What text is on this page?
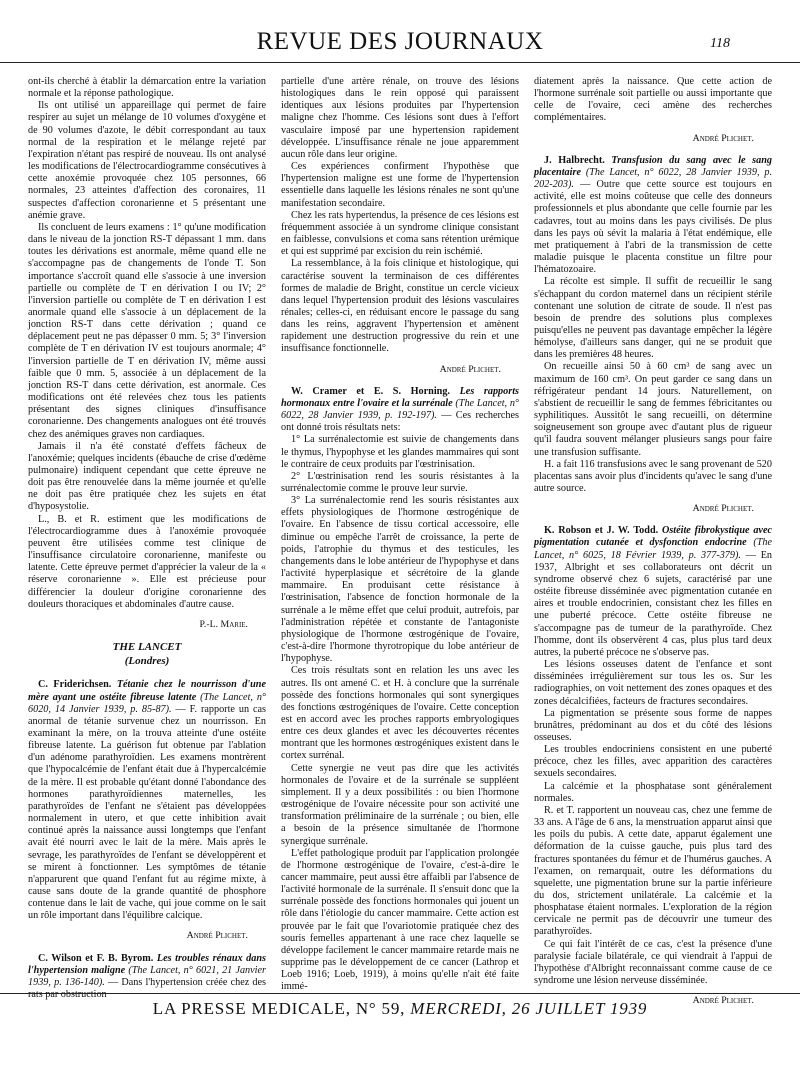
REVUE DES JOURNAUX	118

ont-ils cherché à établir la démarcation entre la variation normale et la réponse pathologique.

Ils ont utilisé un appareillage qui permet de faire respirer au sujet un mélange de 10 volumes d'oxygène et de 90 volumes d'azote, le débit correspondant au taux normal de la respiration et le mélange rejeté par l'expiration n'étant pas respiré de nouveau. Ils ont analysé les modifications de l'électrocardiogramme consécutives à cette anoxémie provoquée chez 105 personnes, 66 normales, 23 atteintes d'affection des coronaires, 11 suspectes d'affection coronarienne et 5 présentant une anémie grave.

Ils concluent de leurs examens : 1° qu'une modification dans le niveau de la jonction RS-T dépassant 1 mm. dans toutes les dérivations est anormale, même quand elle ne s'accompagne pas de changements de l'onde T. Son importance s'accroît quand elle s'associe à une inversion partielle ou complète de T en dérivation I ou IV; 2° l'inversion partielle ou complète de T en dérivation I est anormale quand elle s'associe à un déplacement de la jonction RS-T dans cette dérivation ; quand ce déplacement peut ne pas dépasser 0 mm. 5; 3° l'inversion complète de T en dérivation IV est toujours anormale; 4° l'inversion partielle de T en dérivation IV, même aussi faible que 0 mm. 5, associée à un déplacement de la jonction RS-T dans cette dérivation, est anormale. Ces modifications ont été relevées chez tous les patients présentant des signes cliniques d'insuffisance coronarienne. Des changements analogues ont été trouvés chez des anémiques graves non cardiaques.

Jamais il n'a été constaté d'effets fâcheux de l'anoxémie; quelques incidents (ébauche de crise d'œdème pulmonaire) indiquent cependant que cette épreuve ne doit pas être renouvelée dans la même journée et qu'elle ne doit pas être pratiquée chez les sujets en état d'hyposystolie.

L., B. et R. estiment que les modifications de l'électrocardiogramme dues à l'anoxémie provoquée peuvent être utilisées comme test clinique de l'insuffisance circulatoire coronarienne, manifeste ou latente. Cette épreuve permet d'apprécier la valeur de la « réserve coronarienne ». Elle est précieuse pour différencier la douleur d'origine coronarienne des douleurs thoraciques et abdominales d'autre cause.

P.-L. Marie.
THE LANCET
(Londres)

C. Friderichsen. Tétanie chez le nourrisson d'une mère ayant une ostéite fibreuse latente (The Lancet, n° 6020, 14 Janvier 1939, p. 85-87). — F. rapporte un cas anormal de tétanie survenue chez un nourrisson. En examinant la mère, on la trouva atteinte d'une ostéite fibreuse latente. La guérison fut obtenue par l'ablation d'un adénome parathyroïdien. Les examens montrèrent que l'hypocalcémie de l'enfant était due à l'hypercalcémie de la mère. Il est probable qu'étant donné l'abondance des hormones parathyroïdiennes maternelles, les parathyroïdes de l'enfant ne s'étaient pas développées normalement in utero, et que cette inhibition avait continué après la naissance aussi longtemps que l'enfant avait été nourri avec le lait de la mère. Mais après le sevrage, les parathyroïdes de l'enfant se développèrent et se mirent à fonctionner. Les symptômes de tétanie n'apparurent que quand l'enfant fut au régime mixte, à cause sans doute de la grande quantité de phosphore contenue dans le lait de vache, qui joue comme on le sait un rôle important dans l'équilibre calcique.

André Plichet.

C. Wilson et F. B. Byrom. Les troubles rénaux dans l'hypertension maligne (The Lancet, n° 6021, 21 Janvier 1939, p. 136-140). — Dans l'hypertension créée chez des rats par obstruction

partielle d'une artère rénale, on trouve des lésions histologiques dans le rein opposé qui paraissent identiques aux lésions produites par l'hypertension maligne chez l'homme. Ces lésions sont dues à l'effort vasculaire imposé par une hypertension rapidement développée. L'insuffisance rénale ne joue apparemment aucun rôle dans leur origine.

Ces expériences confirment l'hypothèse que l'hypertension maligne est une forme de l'hypertension essentielle dans laquelle les lésions rénales ne sont qu'une manifestation secondaire.

Chez les rats hypertendus, la présence de ces lésions est fréquemment associée à un syndrome clinique consistant en faiblesse, convulsions et coma sans rétention urémique et qui est supprimé par excision du rein ischémié.

La ressemblance, à la fois clinique et histologique, qui caractérise souvent la terminaison de ces différentes formes de maladie de Bright, constitue un cercle vicieux dans lequel l'hypertension produit des lésions vasculaires rénales; celles-ci, en réduisant encore le passage du sang dans les reins, aggravent l'hypertension et amènent rapidement une destruction progressive du rein et une insuffisance fonctionnelle.

André Plichet.

W. Cramer et E. S. Horning. Les rapports hormonaux entre l'ovaire et la surrénale (The Lancet, n° 6022, 28 Janvier 1939, p. 192-197). — Ces recherches ont donné trois résultats nets:

1° La surrénalectomie est suivie de changements dans le thymus, l'hypophyse et les glandes mammaires qui sont le contraire de ceux produits par l'œstrinisation.

2° L'œstrinisation rend les souris résistantes à la surrénalectomie comme le prouve leur survie.

3° La surrénalectomie rend les souris résistantes aux effets physiologiques de l'hormone œstrogénique de l'ovaire. En l'absence de tissu cortical accessoire, elle diminue ou empêche l'arrêt de croissance, la perte de poids, l'atrophie du thymus et des testicules, les changements dans le lobe antérieur de l'hypophyse et dans l'activité hyperplasique et sécrétoire de la glande mammaire. En produisant cette résistance à l'œstrinisation, l'absence de fonction hormonale de la surrénale a le même effet que celui produit, autrefois, par l'administration répétée et constante de l'antagoniste physiologique de l'hormone œstrogénique de l'ovaire, c'est-à-dire l'hormone thyrotropique du lobe antérieur de l'hypophyse.

Ces trois résultats sont en relation les uns avec les autres. Ils ont amené C. et H. à conclure que la surrénale possède des fonctions hormonales qui sont synergiques des fonctions œstrogéniques de l'ovaire. Cette conception est en accord avec les proches rapports embryologiques entre ces deux glandes et avec les découvertes récentes montrant que les hormones œstrogéniques existent dans le cortex surrénal.

Cette synergie ne veut pas dire que les activités hormonales de l'ovaire et de la surrénale se suppléent simplement. Il y a deux possibilités : ou bien l'hormone œstrogénique de l'ovaire nécessite pour son activité une transformation préliminaire de la surrénale ; ou bien, elle a besoin de la présence simultanée de l'hormone synergique surrénale.

L'effet pathologique produit par l'application prolongée de l'hormone œstrogénique de l'ovaire, c'est-à-dire le cancer mammaire, peut aussi être affaibli par l'absence de l'activité hormonale de la surrénale. Il s'ensuit donc que la surrénale possède des fonctions hormonales qui jouent un rôle dans l'étiologie du cancer mammaire. Cette action est prouvée par le fait que l'ovariotomie pratiquée chez des souris femelles appartenant à une race chez laquelle se développe facilement le cancer mammaire retarde mais ne supprime pas le développement de ce cancer (Lathrop et Loeb 1916; Loeb, 1919), à moins qu'elle n'ait été faite immé-

diatement après la naissance. Que cette action de l'hormone surrénale soit partielle ou aussi importante que celle de l'ovaire, ceci amène des recherches complémentaires.

André Plichet.

J. Halbrecht. Transfusion du sang avec le sang placentaire (The Lancet, n° 6022, 28 Janvier 1939, p. 202-203). — Outre que cette source est toujours en activité, elle est moins coûteuse que celle des donneurs professionnels et plus abondante que celle fournie par les cadavres, tout au moins dans les pays civilisés. De plus dans les pays où sévit la malaria à l'état endémique, elle met pratiquement à l'abri de la transmission de cette maladie puisque le placenta constitue un filtre pour l'hématozoaire.

La récolte est simple. Il suffit de recueillir le sang s'échappant du cordon maternel dans un récipient stérile contenant une solution de citrate de soude. Il n'est pas besoin de prendre des solutions plus complexes puisqu'elles ne peuvent pas davantage empêcher la légère hémolyse, d'ailleurs sans danger, qui ne se produit que dans les premières 48 heures.

On recueille ainsi 50 à 60 cm³ de sang avec un maximum de 160 cm³. On peut garder ce sang dans un réfrigérateur pendant 14 jours. Naturellement, on s'abstient de recueillir le sang de femmes fébricitantes ou syphilitiques. Aussitôt le sang recueilli, on détermine soigneusement son groupe avec d'autant plus de rigueur qu'il faudra souvent mélanger plusieurs sangs pour faire une transfusion suffisante.

H. a fait 116 transfusions avec le sang provenant de 520 placentas sans avoir plus d'incidents qu'avec le sang d'une autre source.

André Plichet.

K. Robson et J. W. Todd. Ostéite fibrokystique avec pigmentation cutanée et dysfonction endocrine (The Lancet, n° 6025, 18 Février 1939, p. 377-379). — En 1937, Albright et ses collaborateurs ont décrit un syndrome observé chez 6 sujets, caractérisé par une ostéite fibreuse disséminée avec pigmentation cutanée en aires et trouble endocrinien, consistant chez les filles en une puberté précoce. Cette ostéite fibreuse ne s'accompagne pas de tumeur de la parathyroïde. Chez l'homme, dont ils observèrent 4 cas, plus plus tard deux autres, la puberté précoce ne s'observe pas.

Les lésions osseuses datent de l'enfance et sont disséminées irrégulièrement sur tous les os. Sur les radiographies, on voit nettement des zones opaques et des zones décalcifiées, facteurs de fractures secondaires.

La pigmentation se présente sous forme de nappes brunâtres, prédominant au dos et du côté des lésions osseuses.

Les troubles endocriniens consistent en une puberté précoce, chez les filles, avec apparition des caractères sexuels secondaires.

La calcémie et la phosphatase sont généralement normales.

R. et T. rapportent un nouveau cas, chez une femme de 33 ans. A l'âge de 6 ans, la menstruation apparut ainsi que les poils du pubis. A cette date, apparut également une déformation de la cuisse gauche, puis plus tard des fractures spontanées du fémur et de l'humérus gauches. A l'examen, on remarquait, outre les déformations du squelette, une pigmentation brune sur la partie inférieure du dos, strictement unilatérale. La calcémie et la phosphatase étaient normales. L'exploration de la région cervicale ne permit pas de découvrir une tumeur des parathyroïdes.

Ce qui fait l'intérêt de ce cas, c'est la présence d'une paralysie faciale bilatérale, ce qui viendrait à l'appui de l'hypothèse d'Albright reconnaissant comme cause de ce syndrome une lésion nerveuse disséminée.

André Plichet.
LA PRESSE MEDICALE, N° 59, MERCREDI, 26 JUILLET 1939
